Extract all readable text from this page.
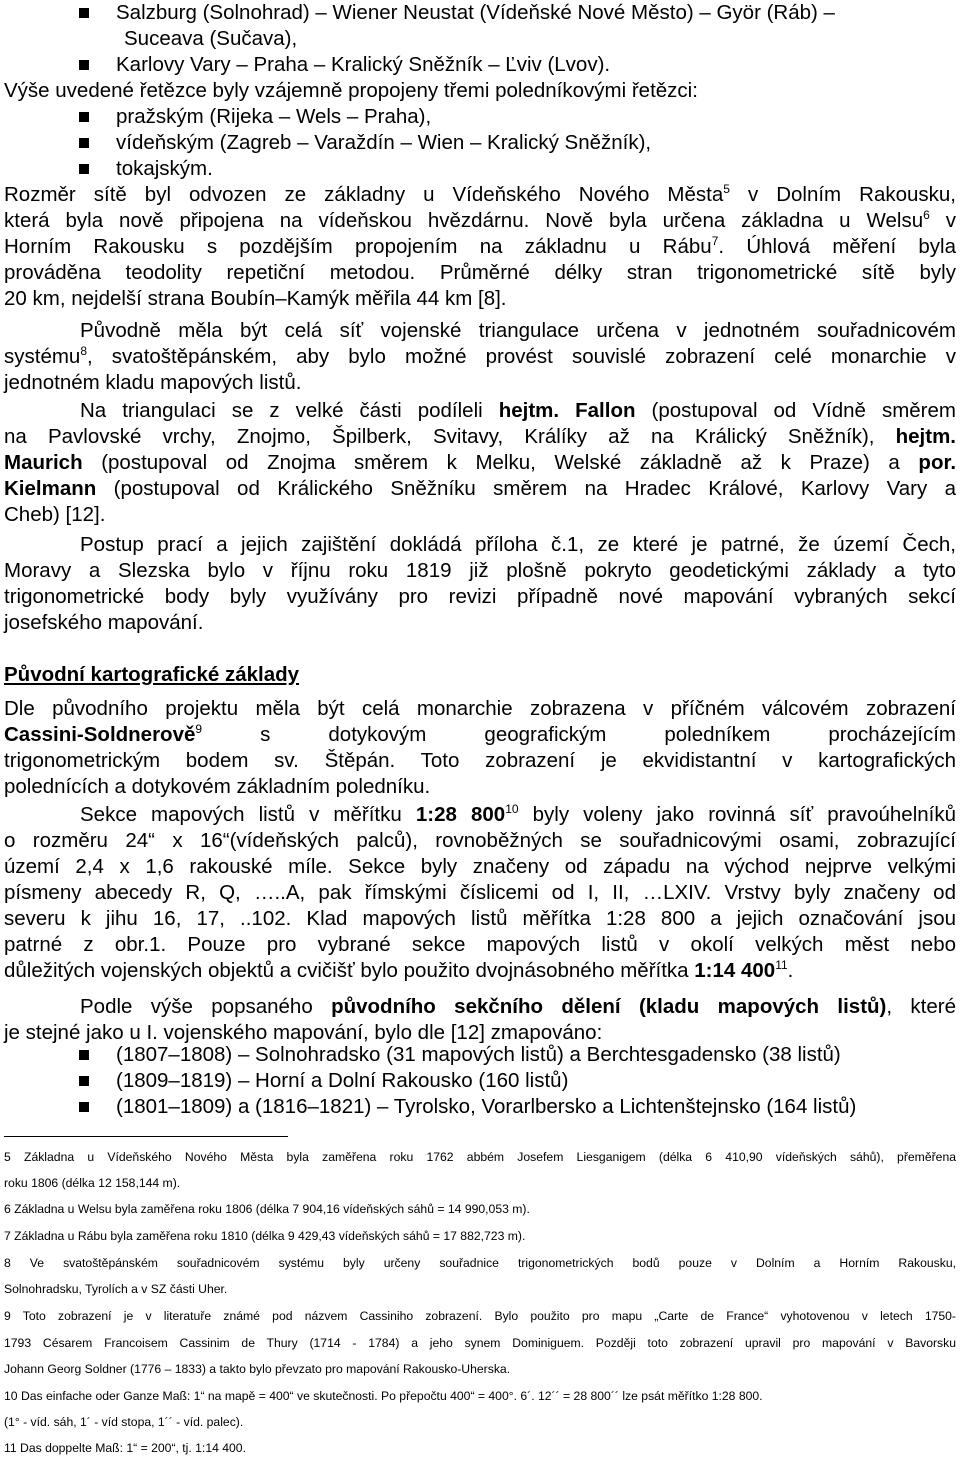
Salzburg (Solnohrad) – Wiener Neustat (Vídeňské Nové Město) – Györ (Ráb) –
Suceava (Sučava),
Karlovy Vary – Praha – Kralický Sněžník – Ľviv (Lvov).
Výše uvedené řetězce byly vzájemně propojeny třemi poledníkovými řetězci:
pražským (Rijeka – Wels – Praha),
vídeňským (Zagreb – Varaždín – Wien – Kralický Sněžník),
tokajským.
Rozměr sítě byl odvozen ze základny u Vídeňského Nového Města$^5$ v Dolním Rakousku,
která byla nově připojena na vídeňskou hvězdárnu. Nově byla určena základna u Welsu$^6$ v
Horním Rakousku s pozdějším propojením na základnu u Rábu$^7$. Úhlová měření byla
prováděna teodolity repetiční metodou. Průměrné délky stran trigonometrické sítě byly
20 km, nejdelší strana Boubín–Kamýk měřila 44 km [8].
Původně měla být celá síť vojenské triangulace určena v jednotném souřadnicovém
systému$^8$, svatoštěpánském, aby bylo možné provést souvislé zobrazení celé monarchie v
jednotném kladu mapových listů.
Na triangulaci se z velké části podíleli hejtm. Fallon (postupoval od Vídně směrem
na Pavlovské vrchy, Znojmo, Špilberk, Svitavy, Králíky až na Králický Sněžník), hejtm.
Maurich (postupoval od Znojma směrem k Melku, Welské základně až k Praze) a por.
Kielmann (postupoval od Králického Sněžníku směrem na Hradec Králové, Karlovy Vary a
Cheb) [12].
Postup prací a jejich zajištění dokládá příloha č.1, ze které je patrné, že území Čech,
Moravy a Slezska bylo v říjnu roku 1819 již plošně pokryto geodetickými základy a tyto
trigonometrické body byly využívány pro revizi případně nové mapování vybraných sekcí
josefského mapování.
Původní kartografické základy
Dle původního projektu měla být celá monarchie zobrazena v příčném válcovém zobrazení
Cassini-Soldnerově$^9$	s dotykovým geografickým poledníkem procházejícím
trigonometrickým bodem sv. Štěpán. Toto zobrazení je ekvidistantní v kartografických
polednících a dotykovém základním poledníku.
Sekce mapových listů v měřítku 1:28 $800^{10}$ byly voleny jako rovinná síť pravoúhelníků
o rozměru 24“ x 16“(vídeňských palců), rovnoběžných se souřadnicovými osami, zobrazující
území 2,4 x 1,6 rakouské míle. Sekce byly značeny od západu na východ nejprve velkými
písmeny abecedy R, Q, …..A, pak římskými číslicemi od I, II, …LXIV. Vrstvy byly značeny od
severu k jihu 16, 17, ..102. Klad mapových listů měřítka 1:28 800 a jejich označování jsou
patrné z obr.1. Pouze pro vybrané sekce mapových listů v okolí velkých měst nebo
důležitých vojenských objektů a cvičišť bylo použito dvojnásobného měřítka 1:14 $400^{11}$.
Podle výše popsaného původního sekčního dělení (kladu mapových listů), které
je stejné jako u I. vojenského mapování, bylo dle [12] zmapováno:
(1807–1808) – Solnohradsko (31 mapových listů) a Berchtesgadensko (38 listů)
(1809–1819) – Horní a Dolní Rakousko (160 listů)
(1801–1809) a (1816–1821) – Tyrolsko, Vorarlbersko a Lichtenštejnsko (164 listů)
5 Základna u Vídeňského Nového Města byla zaměřena roku 1762 abbém Josefem Liesganigem (délka 6 410,90 vídeňských sáhů), přeměřena
roku 1806 (délka 12 158,144 m).
6 Základna u Welsu byla zaměřena roku 1806 (délka 7 904,16 vídeňských sáhů = 14 990,053 m).
7 Základna u Rábu byla zaměřena roku 1810 (délka 9 429,43 vídeňských sáhů = 17 882,723 m).
8 Ve svatoštěpánském souřadnicovém systému byly určeny souřadnice trigonometrických bodů pouze v Dolním a Horním Rakousku,
Solnohradsku, Tyrolích a v SZ části Uher.
9 Toto zobrazení je v literatuře známé pod názvem Cassiniho zobrazení. Bylo použito pro mapu „Carte de France“ vyhotovenou v letech 1750-
1793 Césarem Francoisem Cassinim de Thury (1714 - 1784) a jeho synem Dominiguem. Později toto zobrazení upravil pro mapování v Bavorsku
Johann Georg Soldner (1776 – 1833) a takto bylo převzato pro mapování Rakousko-Uherska.
10 Das einfache oder Ganze Maß: 1“ na mapě = 400“ ve skutečnosti. Po přepočtu 400“ = 400°. 6´. 12´´ = 28 800´´ lze psát měřítko 1:28 800.
(1° - víd. sáh, 1´ - víd stopa, 1´´ - víd. palec).
11 Das doppelte Maß: 1“ = 200“, tj. 1:14 400.
